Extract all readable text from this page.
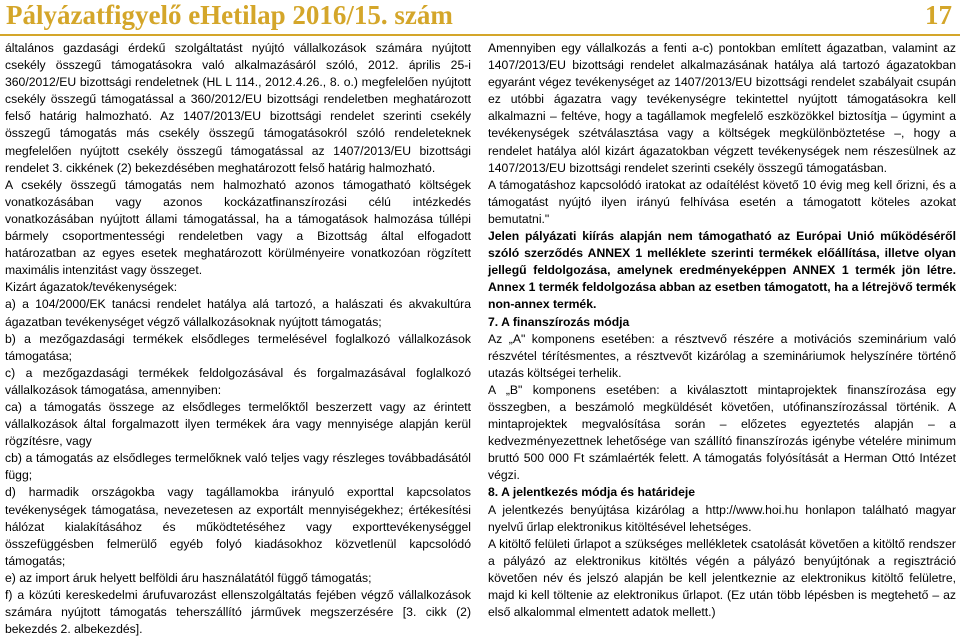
Pályázatfigyelő eHetilap 2016/15. szám	17

általános gazdasági érdekű szolgáltatást nyújtó vállalkozások számára nyújtott csekély összegű támogatásokra való alkalmazásáról szóló, 2012. április 25-i 360/2012/EU bizottsági rendeletnek (HL L 114., 2012.4.26., 8. o.) megfelelően nyújtott csekély összegű támogatással a 360/2012/EU bizottsági rendeletben meghatározott felső határig halmozható. Az 1407/2013/EU bizottsági rendelet szerinti csekély összegű támogatás más csekély összegű támogatásokról szóló rendeleteknek megfelelően nyújtott csekély összegű támogatással az 1407/2013/EU bizottsági rendelet 3. cikkének (2) bekezdésében meghatározott felső határig halmozható.

A csekély összegű támogatás nem halmozható azonos támogatható költségek vonatkozásában vagy azonos kockázatfinanszírozási célú intézkedés vonatkozásában nyújtott állami támogatással, ha a támogatások halmozása túllépi bármely csoportmentességi rendeletben vagy a Bizottság által elfogadott határozatban az egyes esetek meghatározott körülményeire vonatkozóan rögzített maximális intenzitást vagy összeget.

Kizárt ágazatok/tevékenységek:

a) a 104/2000/EK tanácsi rendelet hatálya alá tartozó, a halászati és akvakultúra ágazatban tevékenységet végző vállalkozásoknak nyújtott támogatás;

b) a mezőgazdasági termékek elsődleges termelésével foglalkozó vállalkozások támogatása;

c) a mezőgazdasági termékek feldolgozásával és forgalmazásával foglalkozó vállalkozások támogatása, amennyiben:

ca) a támogatás összege az elsődleges termelőktől beszerzett vagy az érintett vállalkozások által forgalmazott ilyen termékek ára vagy mennyisége alapján kerül rögzítésre, vagy

cb) a támogatás az elsődleges termelőknek való teljes vagy részleges továbbadásától függ;

d) harmadik országokba vagy tagállamokba irányuló exporttal kapcsolatos tevékenységek támogatása, nevezetesen az exportált mennyiségekhez; értékesítési hálózat kialakításához és működtetéséhez vagy exporttevékenységgel összefüggésben felmerülő egyéb folyó kiadásokhoz közvetlenül kapcsolódó támogatás;

e) az import áruk helyett belföldi áru használatától függő támogatás;

f) a közúti kereskedelmi árufuvarozást ellenszolgáltatás fejében végző vállalkozások számára nyújtott támogatás teherszállító járművek megszerzésére [3. cikk (2) bekezdés 2. albekezdés].

Amennyiben egy vállalkozás a fenti a-c) pontokban említett ágazatban, valamint az 1407/2013/EU bizottsági rendelet alkalmazásának hatálya alá tartozó ágazatokban egyaránt végez tevékenységet az 1407/2013/EU bizottsági rendelet szabályait csupán ez utóbbi ágazatra vagy tevékenységre tekintettel nyújtott támogatásokra kell alkalmazni – feltéve, hogy a tagállamok megfelelő eszközökkel biztosítja – úgymint a tevékenységek szétválasztása vagy a költségek megkülönböztetése –, hogy a rendelet hatálya alól kizárt ágazatokban végzett tevékenységek nem részesülnek az 1407/2013/EU bizottsági rendelet szerinti csekély összegű támogatásban.

A támogatáshoz kapcsolódó iratokat az odaítélést követő 10 évig meg kell őrizni, és a támogatást nyújtó ilyen irányú felhívása esetén a támogatott köteles azokat bemutatni."

Jelen pályázati kiírás alapján nem támogatható az Európai Unió működéséről szóló szerződés ANNEX 1 melléklete szerinti termékek előállítása, illetve olyan jellegű feldolgozása, amelynek eredményeképpen ANNEX 1 termék jön létre. Annex 1 termék feldolgozása abban az esetben támogatott, ha a létrejövő termék non-annex termék.

7. A finanszírozás módja

Az „A" komponens esetében: a résztvevő részére a motivációs szeminárium való részvétel térítésmentes, a résztvevőt kizárólag a szemináriumok helyszínére történő utazás költségei terhelik.

A „B" komponens esetében: a kiválasztott mintaprojektek finanszírozása egy összegben, a beszámoló megküldését követően, utófinanszírozással történik. A mintaprojektek megvalósítása során – előzetes egyeztetés alapján – a kedvezményezettnek lehetősége van szállító finanszírozás igénybe vételére minimum bruttó 500 000 Ft számlaérték felett. A támogatás folyósítását a Herman Ottó Intézet végzi.

8. A jelentkezés módja és határideje

A jelentkezés benyújtása kizárólag a http://www.hoi.hu honlapon található magyar nyelvű űrlap elektronikus kitöltésével lehetséges.

A kitöltő felületi űrlapot a szükséges mellékletek csatolását követően a kitöltő rendszer a pályázó az elektronikus kitöltés végén a pályázó benyújtónak a regisztráció követően név és jelszó alapján be kell jelentkeznie az elektronikus kitöltő felületre, majd ki kell töltenie az elektronikus űrlapot. (Ez után több lépésben is megtehető – az első alkalommal elmentett adatok mellett.)
